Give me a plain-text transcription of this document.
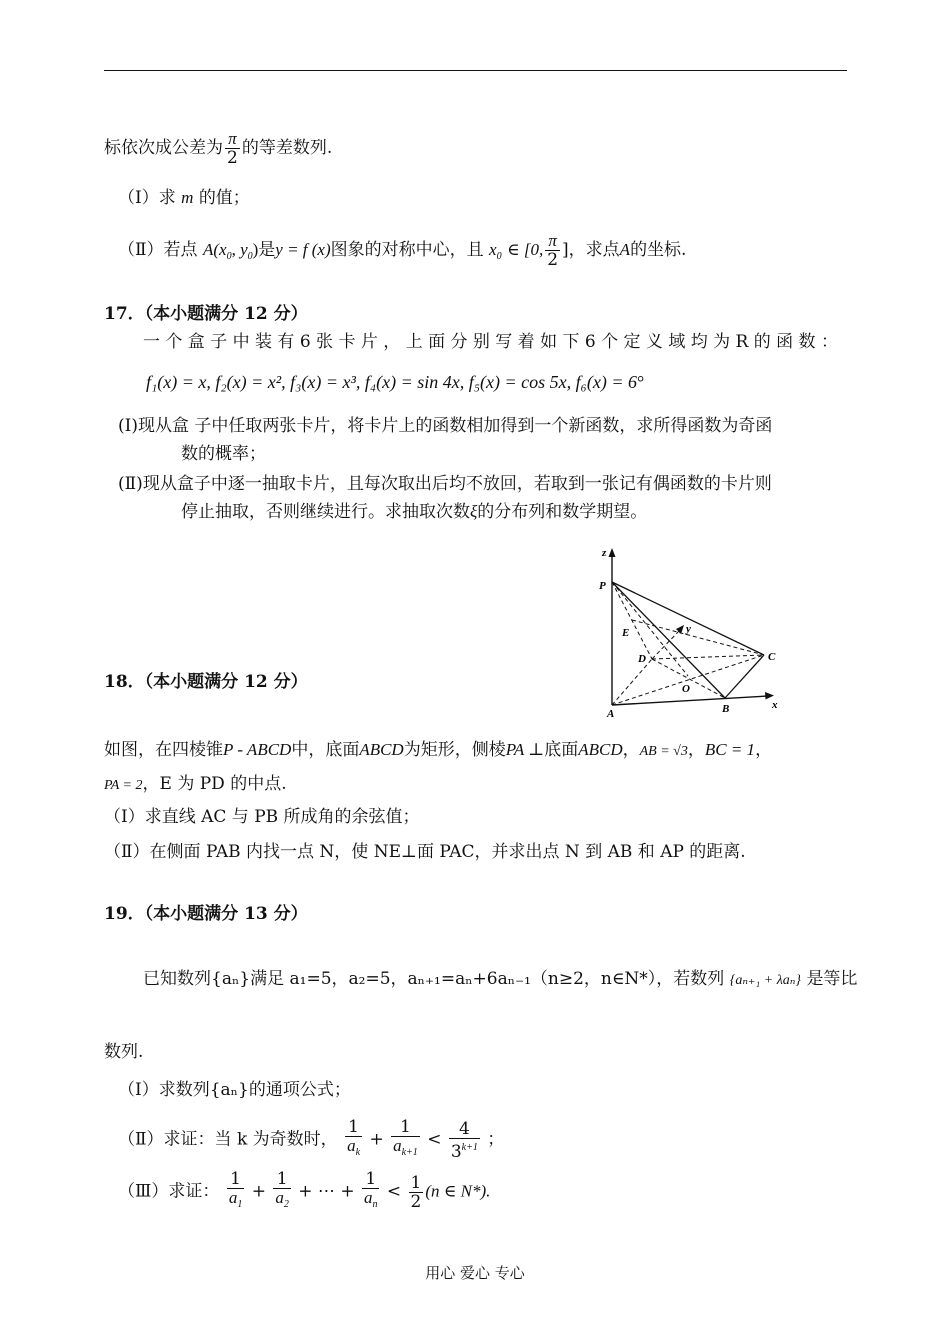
标依次成公差为 $\frac{\pi}{2}$ 的等差数列.
（Ⅰ）求 m 的值；
（Ⅱ）若点 $A(x_0$, $y_0$)是y = f (x)图象的对称中心，且 $x_0$ ∈ [0, $\frac{\pi}{2}$ ]，求点A的坐标.
17．（本小题满分 12 分）
一 个 盒 子 中 装 有 6 张 卡 片 ， 上 面 分 别 写 着 如 下 6 个 定 义 域 均 为 R 的 函 数 ：
f₁(x) = x, f₂(x) = x², f₃(x) = x³, f₄(x) = sin 4x, f₅(x) = cos 5x, f₆(x) = 6°
(Ⅰ)现从盒 子中任取两张卡片，将卡片上的函数相加得到一个新函数，求所得函数为奇函
数的概率；
(Ⅱ)现从盒子中逐一抽取卡片，且每次取出后均不放回，若取到一张记有偶函数的卡片则
停止抽取，否则继续进行。求抽取次数ξ的分布列和数学期望。
z
P
E	y
D	C
O
A	B	x
18．（本小题满分 12 分）
如图，在四棱锥P - ABCD中，底面ABCD为矩形，侧棱PA ⊥底面ABCD，AB = √3，BC = 1，
PA = 2，E 为 PD 的中点.
（Ⅰ）求直线 AC 与 PB 所成角的余弦值；
（Ⅱ）在侧面 PAB 内找一点 N，使 NE⊥面 PAC，并求出点 N 到 AB 和 AP 的距离.
19．（本小题满分 13 分）
已知数列{aₙ}满足 a₁=5，a₂=5，aₙ₊₁=aₙ+6aₙ₋₁（n≥2，n∈N*），若数列 {aₙ₊₁ + λaₙ} 是等比
数列.
（Ⅰ）求数列{aₙ}的通项公式；
（Ⅱ）求证：当 k 为奇数时， $\frac{1}{a_k} + \frac{1}{a_{k+1}} < \frac{4}{3^{k+1}}$ ；
（Ⅲ）求证： $\frac{1}{a_1} + \frac{1}{a_2}$ + ⋯ + $\frac{1}{a_n} < \frac{1}{2} (n$ ∈ N*).
用心 爱心 专心
